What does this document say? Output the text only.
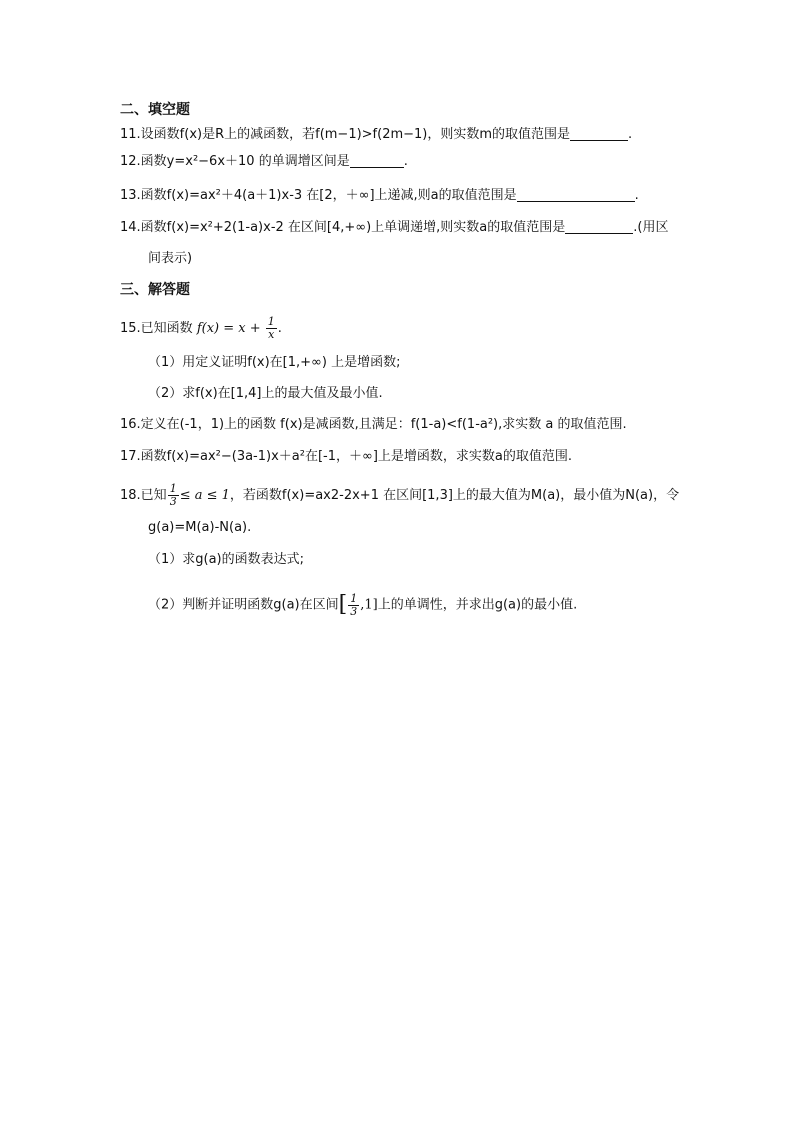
二、填空题
11.设函数f(x)是R上的减函数，若f(m−1)>f(2m−1)，则实数m的取值范围是	.
12.函数y=x²−6x＋10 的单调增区间是	.
13.函数f(x)=ax²＋4(a＋1)x-3 在[2，＋∞]上递减,则a的取值范围是	.
14.函数f(x)=x²+2(1-a)x-2 在区间[4,+∞)上单调递增,则实数a的取值范围是	.(用区
间表示)
三、解答题
15.已知函数 $f(x) = x + \frac{1}{x}$ .
（1）用定义证明f(x)在[1,+∞) 上是增函数;
（2）求f(x)在[1,4]上的最大值及最小值.
16.定义在(-1，1)上的函数 f(x)是减函数,且满足：f(1-a)<f(1-a²),求实数 a 的取值范围.
17.函数f(x)=ax²−(3a-1)x＋a²在[-1，＋∞]上是增函数，求实数a的取值范围.
18.已知 $\frac{1}{3} \le a \le 1$，若函数f(x)=ax2-2x+1 在区间[1,3]上的最大值为M(a)，最小值为N(a)，令
g(a)=M(a)-N(a).
（1）求g(a)的函数表达式;
（2）判断并证明函数g(a)在区间[ $\frac{1}{3} ,1$]上的单调性，并求出g(a)的最小值.
